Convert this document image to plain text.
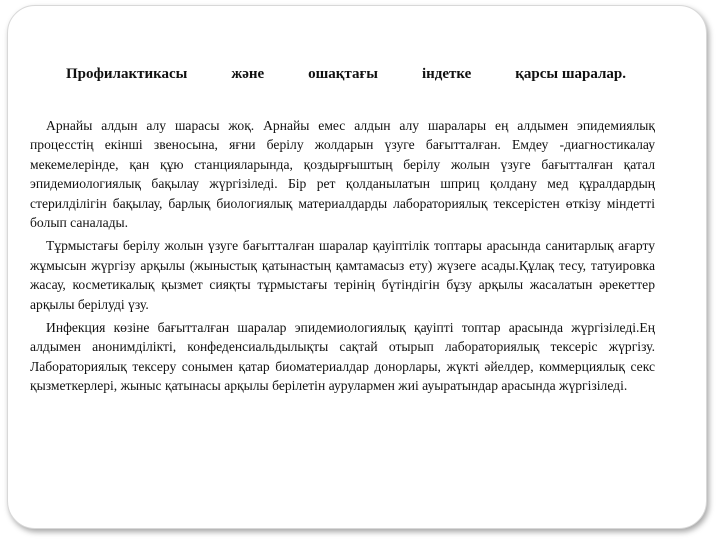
Профилактикасы	және	ошақтағы	індетке	қарсы шаралар.

Арнайы алдын алу шарасы жоқ. Арнайы емес алдын алу шаралары ең алдымен эпидемиялық процесстің екінші звеносына, яғни берілу жолдарын үзуге бағытталған. Емдеу -диагностикалау мекемелерінде, қан құю станцияларында, қоздырғыштың берілу жолын үзуге бағытталған қатал эпидемиологиялық бақылау жүргізіледі. Бір рет қолданылатын шприц қолдану мед құралдардың стерилділігін бақылау, барлық биологиялық материалдарды лабораториялық тексерістен өткізу міндетті болып саналады.

Тұрмыстағы берілу жолын үзуге бағытталған шаралар қауіптілік топтары арасында санитарлық ағарту жұмысын жүргізу арқылы (жыныстық қатынастың қамтамасыз ету) жүзеге асады.Құлақ тесу, татуировка жасау, косметикалық қызмет сияқты тұрмыстағы терінің бүтіндігін бұзу арқылы жасалатын әрекеттер арқылы берілуді үзу.

Инфекция көзіне бағытталған шаралар эпидемиологиялық қауіпті топтар арасында жүргізіледі.Ең алдымен анонимділікті, конфеденсиальдылықты сақтай отырып лабораториялық тексеріс жүргізу. Лабораториялық тексеру сонымен қатар биоматериалдар донорлары, жүкті әйелдер, коммерциялық секс қызметкерлері, жыныс қатынасы арқылы берілетін аурулармен жиі ауыратындар арасында жүргізіледі.
